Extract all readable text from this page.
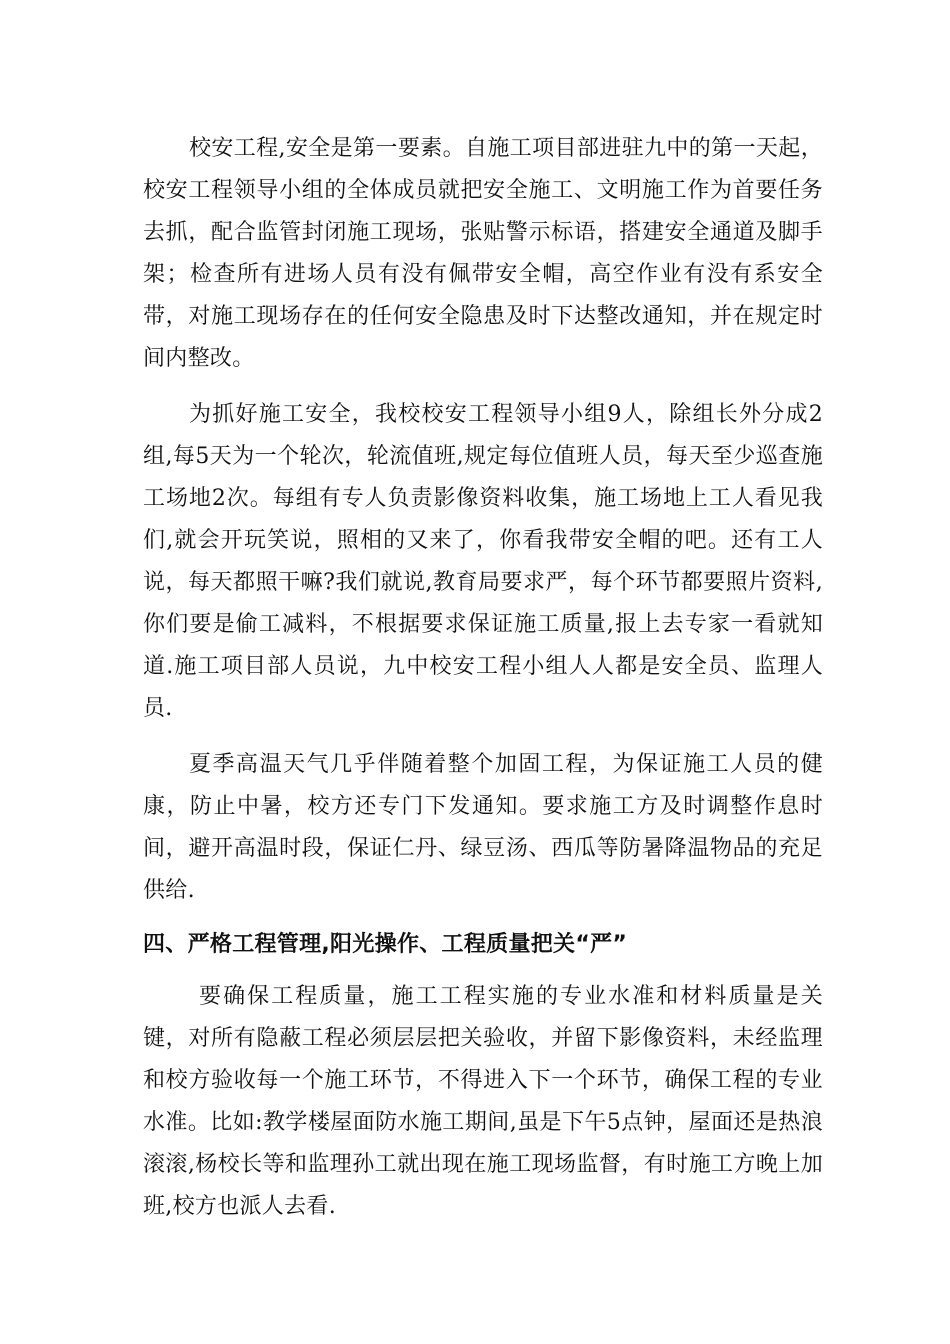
校安工程,安全是第一要素。自施工项目部进驻九中的第一天起，校安工程领导小组的全体成员就把安全施工、文明施工作为首要任务去抓，配合监管封闭施工现场，张贴警示标语，搭建安全通道及脚手架；检查所有进场人员有没有佩带安全帽，高空作业有没有系安全带，对施工现场存在的任何安全隐患及时下达整改通知，并在规定时间内整改。

为抓好施工安全，我校校安工程领导小组9人，除组长外分成2组,每5天为一个轮次，轮流值班,规定每位值班人员，每天至少巡查施工场地2次。每组有专人负责影像资料收集，施工场地上工人看见我们,就会开玩笑说，照相的又来了，你看我带安全帽的吧。还有工人说，每天都照干嘛?我们就说,教育局要求严，每个环节都要照片资料,你们要是偷工减料，不根据要求保证施工质量,报上去专家一看就知道.施工项目部人员说，九中校安工程小组人人都是安全员、监理人员.

夏季高温天气几乎伴随着整个加固工程，为保证施工人员的健康，防止中暑，校方还专门下发通知。要求施工方及时调整作息时间，避开高温时段，保证仁丹、绿豆汤、西瓜等防暑降温物品的充足供给.

四、严格工程管理,阳光操作、工程质量把关“严”

要确保工程质量，施工工程实施的专业水准和材料质量是关键，对所有隐蔽工程必须层层把关验收，并留下影像资料，未经监理和校方验收每一个施工环节，不得进入下一个环节，确保工程的专业水准。比如:教学楼屋面防水施工期间,虽是下午5点钟，屋面还是热浪滚滚,杨校长等和监理孙工就出现在施工现场监督，有时施工方晚上加班,校方也派人去看.
